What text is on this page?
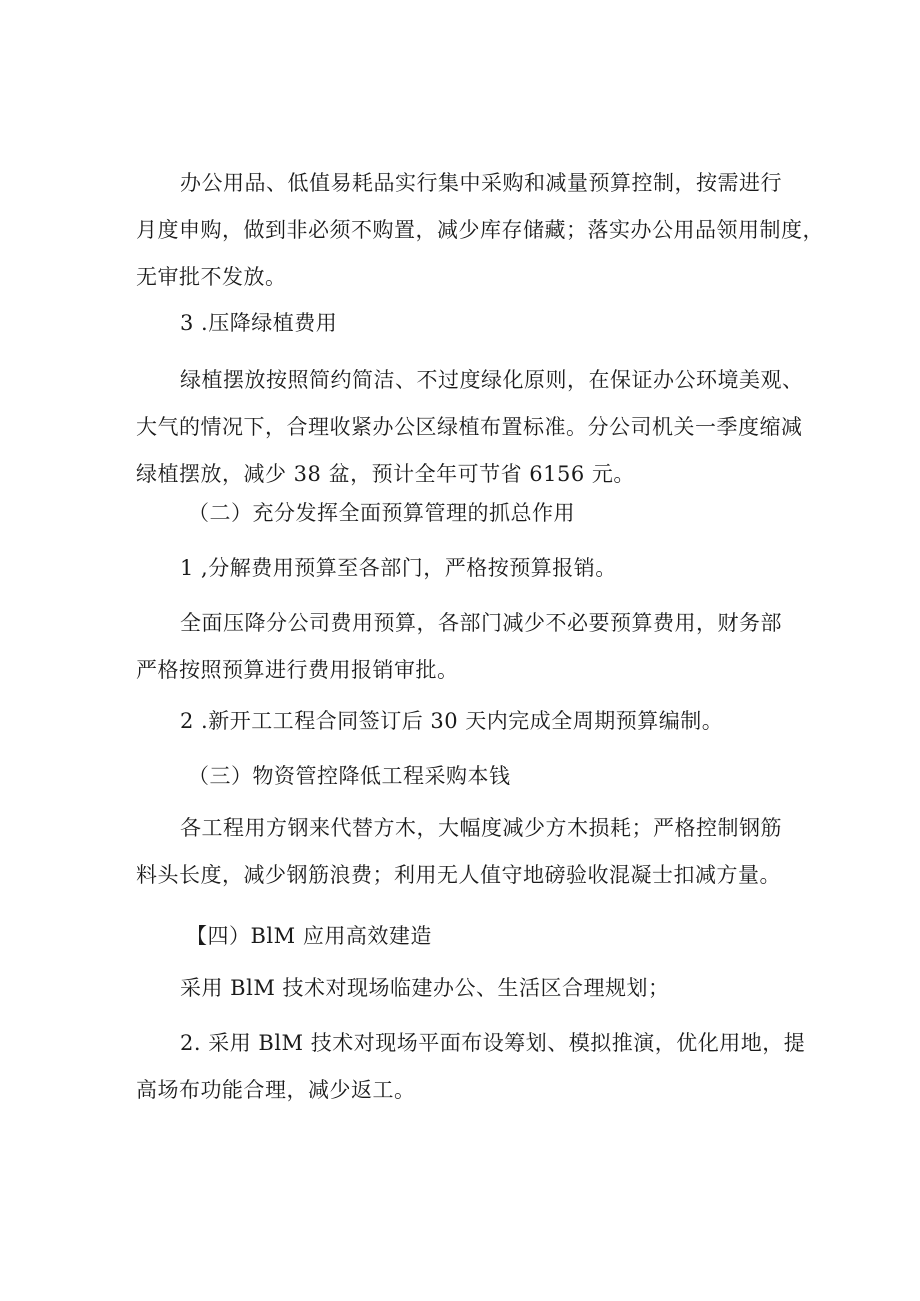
办公用品、低值易耗品实行集中采购和减量预算控制，按需进行
月度申购，做到非必须不购置，减少库存储藏；落实办公用品领用制度，
无审批不发放。
3 .压降绿植费用
绿植摆放按照简约简洁、不过度绿化原则，在保证办公环境美观、
大气的情况下，合理收紧办公区绿植布置标准。分公司机关一季度缩减
绿植摆放，减少 38 盆，预计全年可节省 6156 元。
（二）充分发挥全面预算管理的抓总作用
1 ,分解费用预算至各部门，严格按预算报销。
全面压降分公司费用预算，各部门减少不必要预算费用，财务部
严格按照预算进行费用报销审批。
2 .新开工工程合同签订后 30 天内完成全周期预算编制。
（三）物资管控降低工程采购本钱
各工程用方钢来代替方木，大幅度减少方木损耗；严格控制钢筋
料头长度，减少钢筋浪费；利用无人值守地磅验收混凝士扣减方量。
【四）BlM 应用高效建造
采用 BlM 技术对现场临建办公、生活区合理规划；
2. 采用 BlM 技术对现场平面布设筹划、模拟推演，优化用地，提
高场布功能合理，减少返工。
